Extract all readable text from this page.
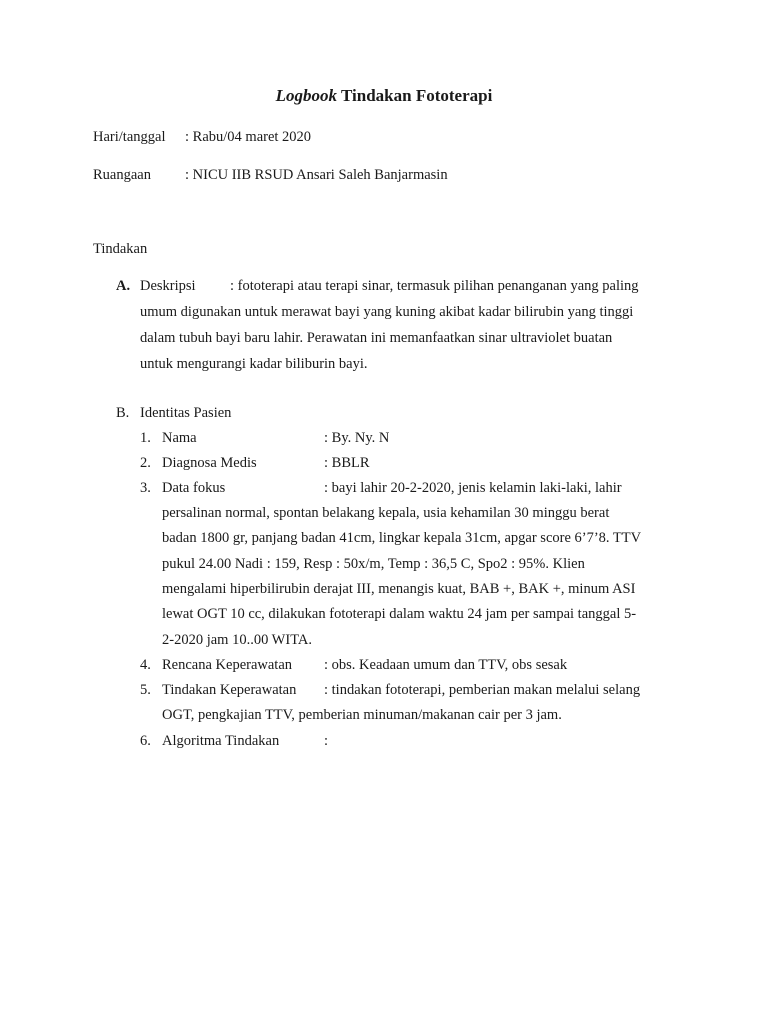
Logbook Tindakan Fototerapi
Hari/tanggal : Rabu/04 maret 2020
Ruangaan : NICU IIB RSUD Ansari Saleh Banjarmasin
Tindakan
A. Deskripsi : fototerapi atau terapi sinar, termasuk pilihan penanganan yang paling
umum digunakan untuk merawat bayi yang kuning akibat kadar bilirubin yang tinggi
dalam tubuh bayi baru lahir. Perawatan ini memanfaatkan sinar ultraviolet buatan
untuk mengurangi kadar biliburin bayi.
B. Identitas Pasien
1. Nama	: By. Ny. N
2. Diagnosa Medis	: BBLR
3. Data fokus	: bayi lahir 20-2-2020, jenis kelamin laki-laki, lahir
persalinan normal, spontan belakang kepala, usia kehamilan 30 minggu berat
badan 1800 gr, panjang badan 41cm, lingkar kepala 31cm, apgar score 6’7’8. TTV
pukul 24.00 Nadi : 159, Resp : 50x/m, Temp : 36,5 C, Spo2 : 95%. Klien
mengalami hiperbilirubin derajat III, menangis kuat, BAB +, BAK +, minum ASI
lewat OGT 10 cc, dilakukan fototerapi dalam waktu 24 jam per sampai tanggal 5-
2-2020 jam 10..00 WITA.
4. Rencana Keperawatan : obs. Keadaan umum dan TTV, obs sesak
5. Tindakan Keperawatan : tindakan fototerapi, pemberian makan melalui selang
OGT, pengkajian TTV, pemberian minuman/makanan cair per 3 jam.
6. Algoritma Tindakan	:
